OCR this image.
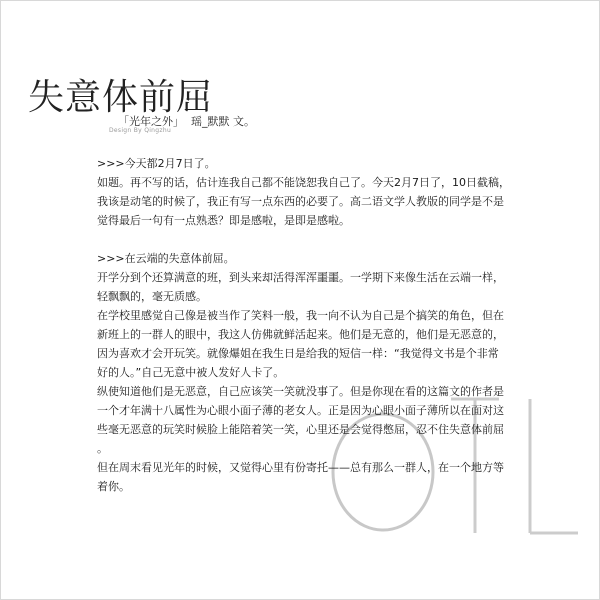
失意体前屈
「光年之外」  瑶_默默 文。
Design By Qingzhu
>>>今天都2月7日了。
如题。再不写的话，估计连我自己都不能饶恕我自己了。今天2月7日了，10日截稿，
我该是动笔的时候了，我正有写一点东西的必要了。高二语文学人教版的同学是不是
觉得最后一句有一点熟悉？即是感啦，是即是感啦。
>>>在云端的失意体前屈。
开学分到个还算满意的班，到头来却活得浑浑噩噩。一学期下来像生活在云端一样，
轻飘飘的，毫无质感。
在学校里感觉自己像是被当作了笑料一般，我一向不认为自己是个搞笑的角色，但在
新班上的一群人的眼中，我这人仿佛就鲜活起来。他们是无意的，他们是无恶意的，
因为喜欢才会开玩笑。就像爆姐在我生日是给我的短信一样：“我觉得文书是个非常
好的人。”自己无意中被人发好人卡了。
纵使知道他们是无恶意，自己应该笑一笑就没事了。但是你现在看的这篇文的作者是
一个才年满十八属性为心眼小面子薄的老女人。正是因为心眼小面子薄所以在面对这
些毫无恶意的玩笑时候脸上能陪着笑一笑，心里还是会觉得憋屈，忍不住失意体前屈
。
但在周末看见光年的时候，又觉得心里有份寄托——总有那么一群人，在一个地方等
着你。
